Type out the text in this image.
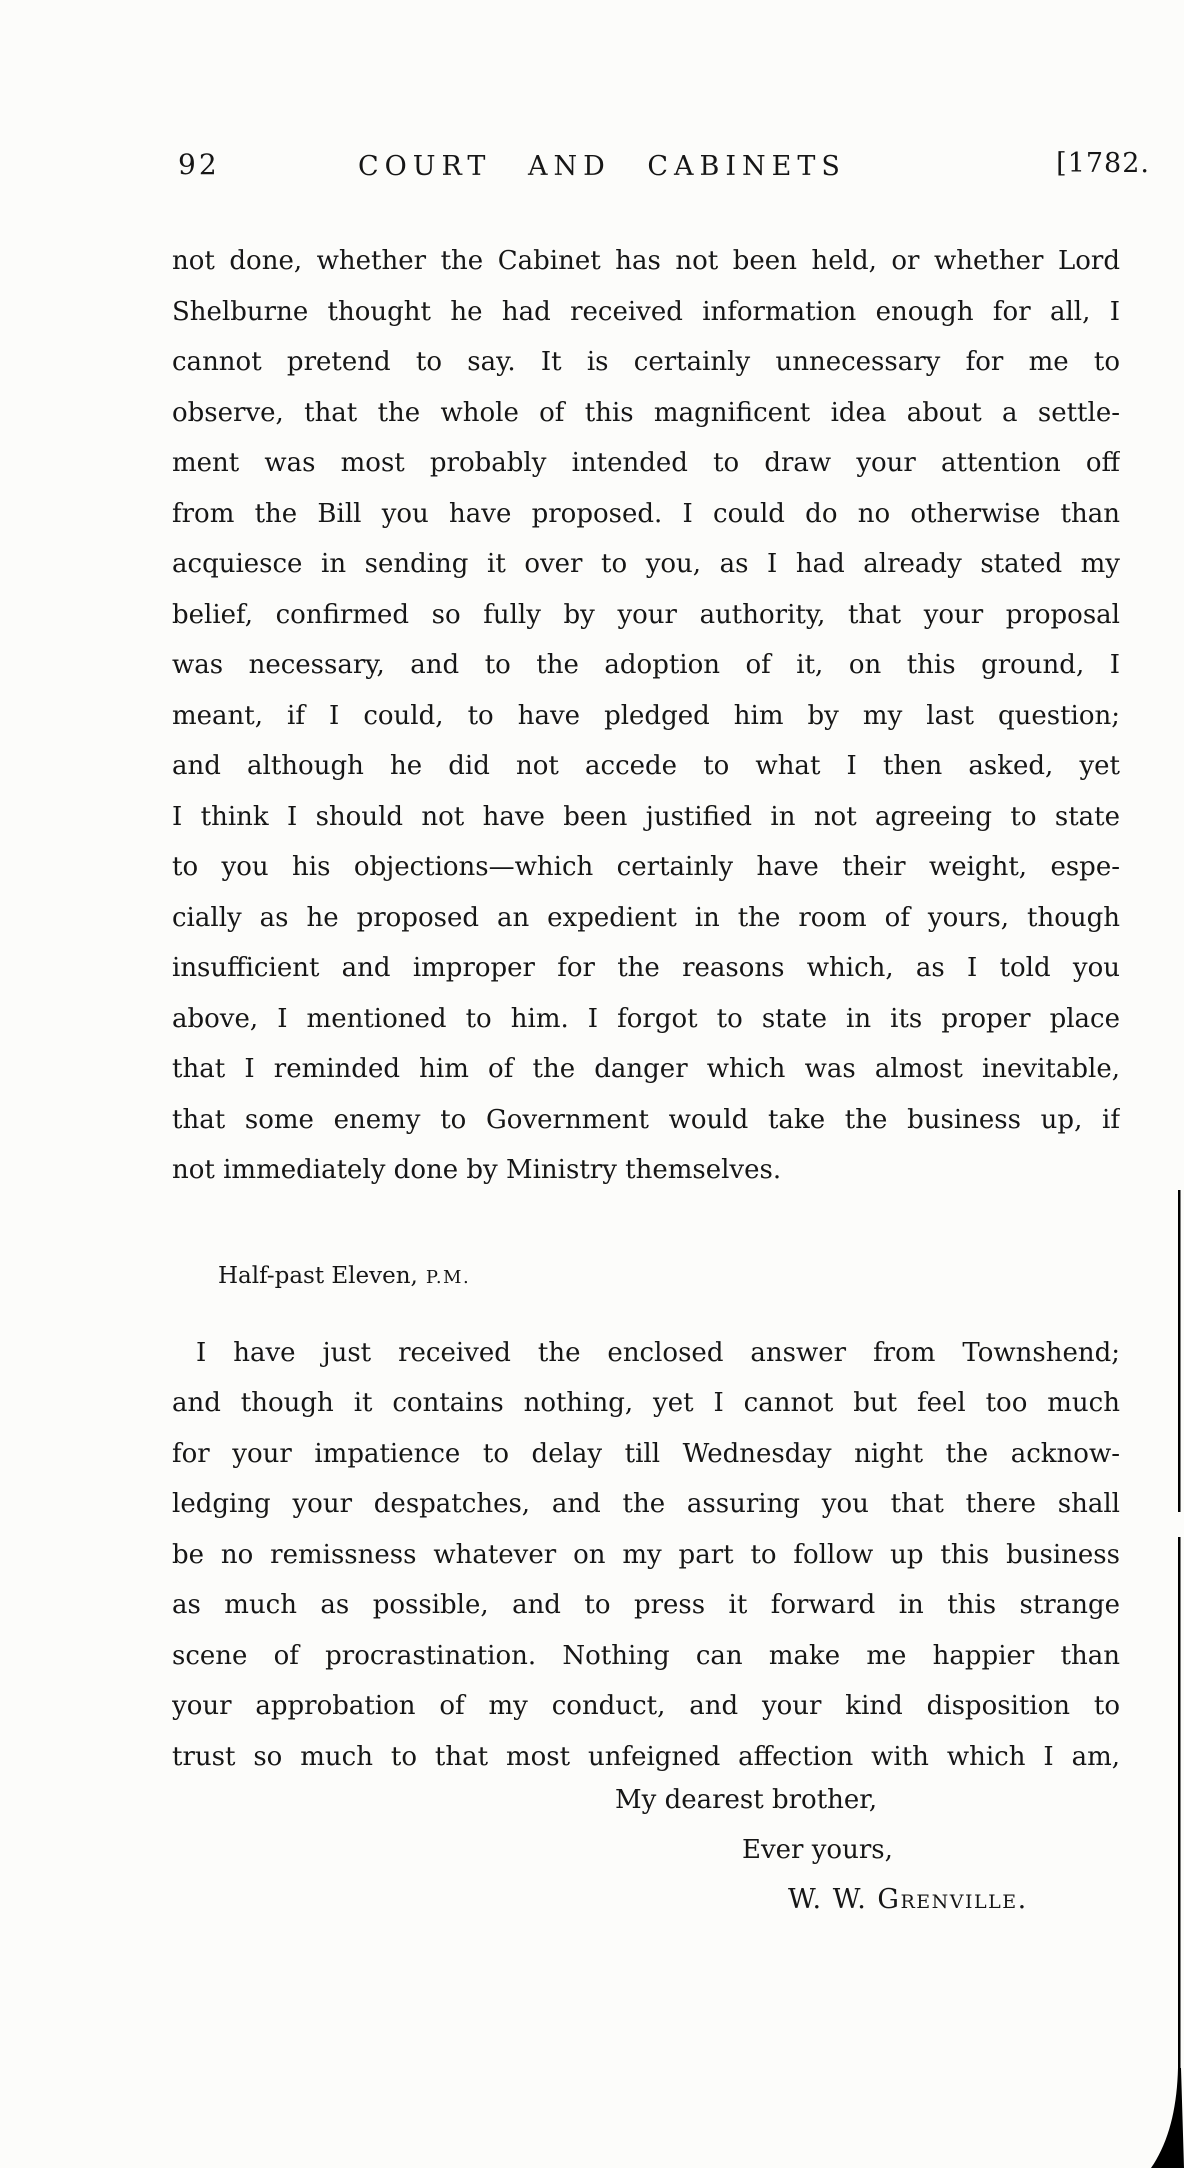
92	COURT AND CABINETS	[1782.
not done, whether the Cabinet has not been held, or whether Lord
Shelburne thought he had received information enough for all, I
cannot pretend to say. It is certainly unnecessary for me to
observe, that the whole of this magnificent idea about a settle-
ment was most probably intended to draw your attention off
from the Bill you have proposed. I could do no otherwise than
acquiesce in sending it over to you, as I had already stated my
belief, confirmed so fully by your authority, that your proposal
was necessary, and to the adoption of it, on this ground, I
meant, if I could, to have pledged him by my last question;
and although he did not accede to what I then asked, yet
I think I should not have been justified in not agreeing to state
to you his objections—which certainly have their weight, espe-
cially as he proposed an expedient in the room of yours, though
insufficient and improper for the reasons which, as I told you
above, I mentioned to him. I forgot to state in its proper place
that I reminded him of the danger which was almost inevitable,
that some enemy to Government would take the business up, if
not immediately done by Ministry themselves.
Half-past Eleven, P.M.
I have just received the enclosed answer from Townshend;
and though it contains nothing, yet I cannot but feel too much
for your impatience to delay till Wednesday night the acknow-
ledging your despatches, and the assuring you that there shall
be no remissness whatever on my part to follow up this business
as much as possible, and to press it forward in this strange
scene of procrastination. Nothing can make me happier than
your approbation of my conduct, and your kind disposition to
trust so much to that most unfeigned affection with which I am,
My dearest brother,
Ever yours,
W. W. Grenville.
